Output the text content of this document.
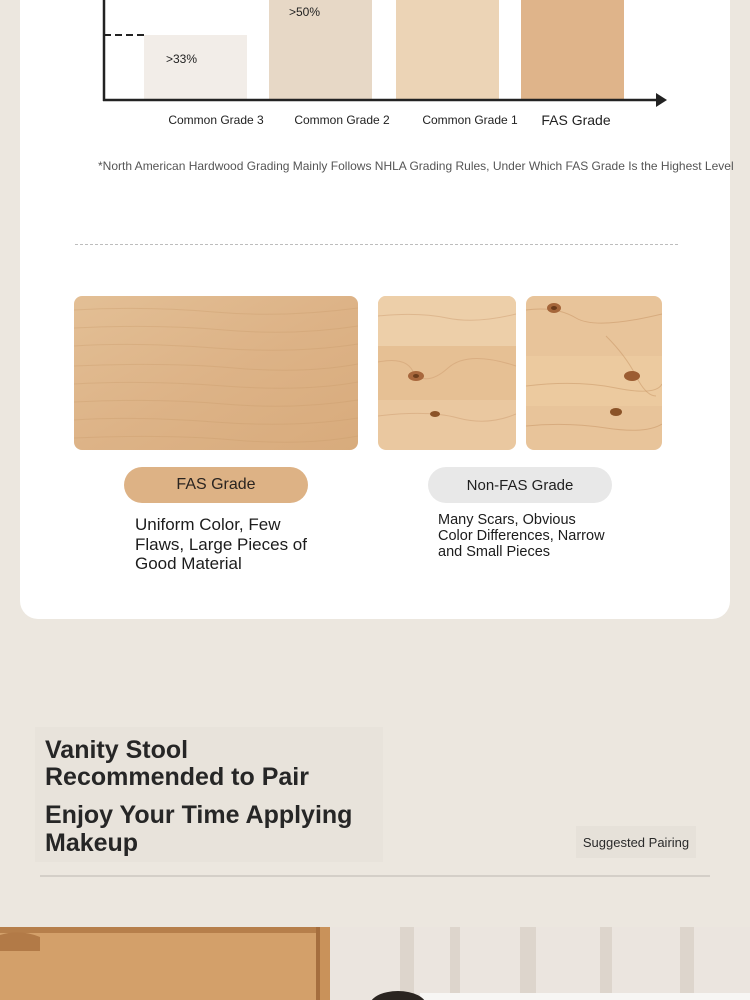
>33%
>50%
Common Grade 3	Common Grade 2	Common Grade 1	FAS Grade
*North American Hardwood Grading Mainly Follows NHLA Grading Rules, Under Which FAS Grade Is the Highest Level
FAS Grade	Non-FAS Grade
Uniform Color, Few Flaws, Large Pieces of Good Material
Many Scars, Obvious Color Differences, Narrow and Small Pieces
Vanity Stool Recommended to Pair
Enjoy Your Time Applying Makeup	Suggested Pairing
